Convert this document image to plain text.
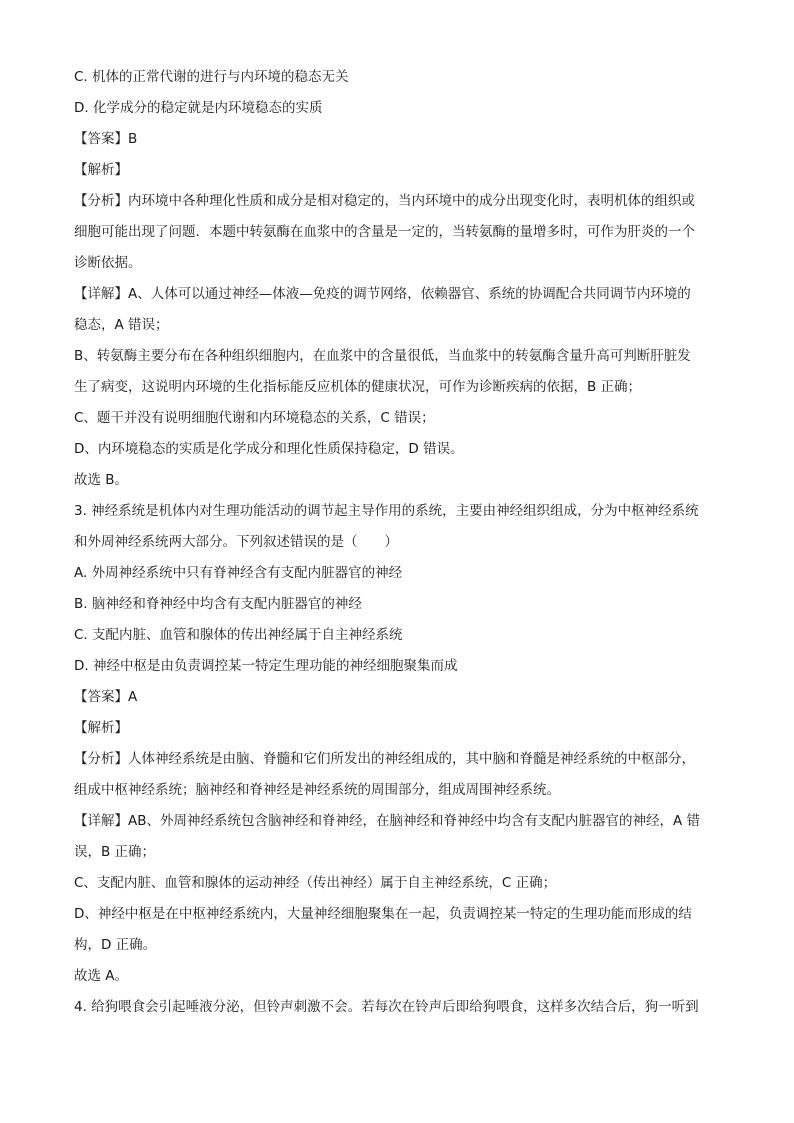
C. 机体的正常代谢的进行与内环境的稳态无关
D. 化学成分的稳定就是内环境稳态的实质
【答案】B
【解析】
【分析】内环境中各种理化性质和成分是相对稳定的，当内环境中的成分出现变化时，表明机体的组织或
细胞可能出现了问题．本题中转氨酶在血浆中的含量是一定的，当转氨酶的量增多时，可作为肝炎的一个
诊断依据。
【详解】A、人体可以通过神经—体液—免疫的调节网络，依赖器官、系统的协调配合共同调节内环境的
稳态，A 错误；
B、转氨酶主要分布在各种组织细胞内，在血浆中的含量很低，当血浆中的转氨酶含量升高可判断肝脏发
生了病变，这说明内环境的生化指标能反应机体的健康状况，可作为诊断疾病的依据，B 正确；
C、题干并没有说明细胞代谢和内环境稳态的关系，C 错误；
D、内环境稳态的实质是化学成分和理化性质保持稳定，D 错误。
故选 B。
3. 神经系统是机体内对生理功能活动的调节起主导作用的系统，主要由神经组织组成，分为中枢神经系统
和外周神经系统两大部分。下列叙述错误的是（　　）
A. 外周神经系统中只有脊神经含有支配内脏器官的神经
B. 脑神经和脊神经中均含有支配内脏器官的神经
C. 支配内脏、血管和腺体的传出神经属于自主神经系统
D. 神经中枢是由负责调控某一特定生理功能的神经细胞聚集而成
【答案】A
【解析】
【分析】人体神经系统是由脑、脊髓和它们所发出的神经组成的，其中脑和脊髓是神经系统的中枢部分，
组成中枢神经系统；脑神经和脊神经是神经系统的周围部分，组成周围神经系统。
【详解】AB、外周神经系统包含脑神经和脊神经，在脑神经和脊神经中均含有支配内脏器官的神经，A 错
误，B 正确；
C、支配内脏、血管和腺体的运动神经（传出神经）属于自主神经系统，C 正确；
D、神经中枢是在中枢神经系统内，大量神经细胞聚集在一起，负责调控某一特定的生理功能而形成的结
构，D 正确。
故选 A。
4. 给狗喂食会引起唾液分泌，但铃声刺激不会。若每次在铃声后即给狗喂食，这样多次结合后，狗一听到
